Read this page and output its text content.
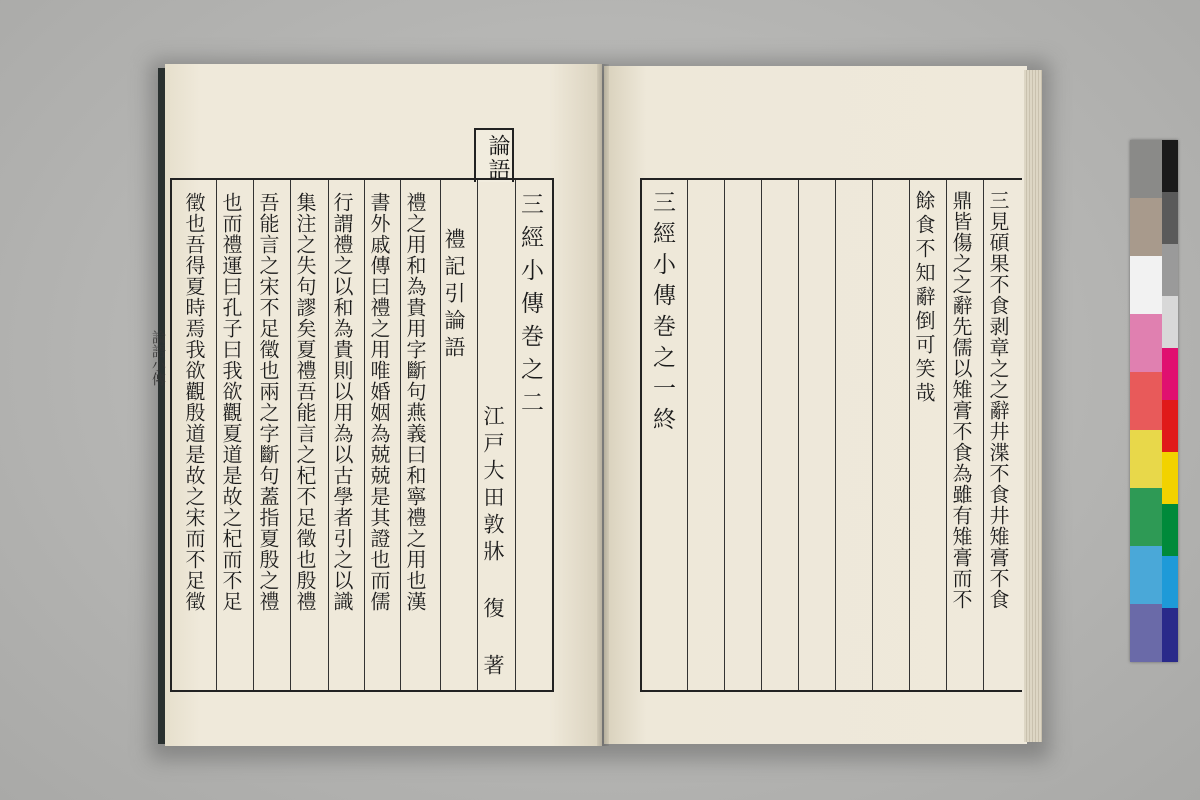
論語
論語小傳	三經小傳巻之二
江戸大田敦牀 復 著
禮記引論語
禮之用和為貴用字斷句燕義曰和寧禮之用也漢
書外戚傳曰禮之用唯婚姻為兢兢是其證也而儒
行謂禮之以和為貴則以用為以古學者引之以識
集注之失句謬矣夏禮吾能言之杞不足徵也殷禮
吾能言之宋不足徵也兩之字斷句蓋指夏殷之禮
也而禮運曰孔子曰我欲觀夏道是故之杞而不足
徵也吾得夏時焉我欲觀殷道是故之宋而不足徵	三見碩果不食剥章之之辭井渫不食井雉膏不食
鼎皆傷之之辭先儒以雉膏不食為雖有雉膏而不
餘食不知辭倒可笑哉
三經小傳巻之一終
